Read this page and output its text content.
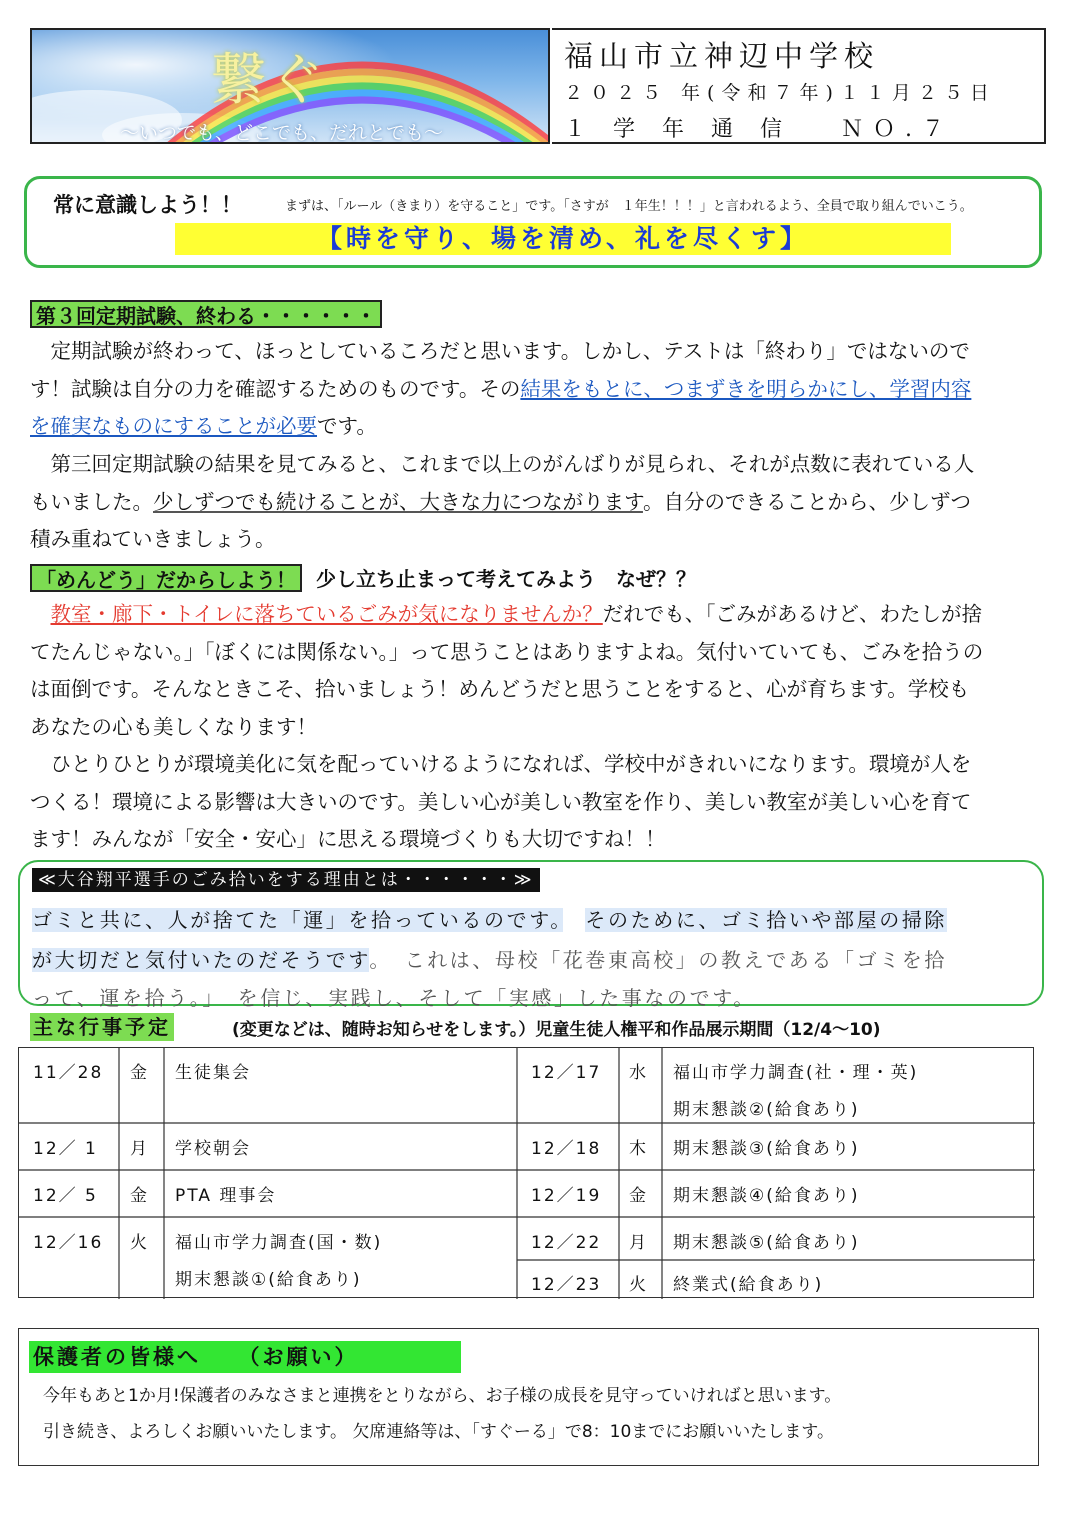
繋ぐ
～いつでも、どこでも、だれとでも～
福山市立神辺中学校
２０２５ 年(令和７年)１１月２５日
１ 学 年 通 信　 ＮＯ.７
常に意識しよう！！	まずは、「ルール（きまり）を守ること」です。「さすが　１年生！！！」と言われるよう、全員で取り組んでいこう。
【時を守り、場を清め、礼を尽くす】
第３回定期試験、終わる・・・・・・
　定期試験が終わって、ほっとしているころだと思います。しかし、テストは「終わり」ではないので
す！試験は自分の力を確認するためのものです。その結果をもとに、つまずきを明らかにし、学習内容
を確実なものにすることが必要です。
　第三回定期試験の結果を見てみると、これまで以上のがんばりが見られ、それが点数に表れている人
もいました。少しずつでも続けることが、大きな力につながります。自分のできることから、少しずつ
積み重ねていきましょう。
「めんどう」だからしよう！	少し立ち止まって考えてみよう　なぜ？？
　教室・廊下・トイレに落ちているごみが気になりませんか？だれでも、「ごみがあるけど、わたしが捨
てたんじゃない。」「ぼくには関係ない。」って思うことはありますよね。気付いていても、ごみを拾うの
は面倒です。そんなときこそ、拾いましょう！めんどうだと思うことをすると、心が育ちます。学校も
あなたの心も美しくなります！
　ひとりひとりが環境美化に気を配っていけるようになれば、学校中がきれいになります。環境が人を
つくる！環境による影響は大きいのです。美しい心が美しい教室を作り、美しい教室が美しい心を育て
ます！みんなが「安全・安心」に思える環境づくりも大切ですね！！
≪大谷翔平選手のごみ拾いをする理由とは・・・・・・≫
ゴミと共に、人が捨てた「運」を拾っているのです。　 そのために、ゴミ拾いや部屋の掃除
が大切だと気付いたのだそうです。　これは、母校「花巻東高校」の教えである「ゴミを拾
って、運を拾う。」　を信じ、実践し、そして「実感」した事なのです。
主な行事予定	(変更などは、随時お知らせをします。）児童生徒人権平和作品展示期間（12/4～10)
11／28 金 生徒集会
12／ 1 月 学校朝会
12／ 5 金 PTA 理事会
12／16 火 福山市学力調査(国・数)
期末懇談①(給食あり)
12／17 水 福山市学力調査(社・理・英)
期末懇談②(給食あり)
12／18 木 期末懇談③(給食あり)
12／19 金 期末懇談④(給食あり)
12／22 月 期末懇談⑤(給食あり)
12／23 火 終業式(給食あり)
保護者の皆様へ　　（お願い）
今年もあと1か月!保護者のみなさまと連携をとりながら、お子様の成長を見守っていければと思います。
引き続き、よろしくお願いいたします。 欠席連絡等は、「すぐーる」で8：10までにお願いいたします。
